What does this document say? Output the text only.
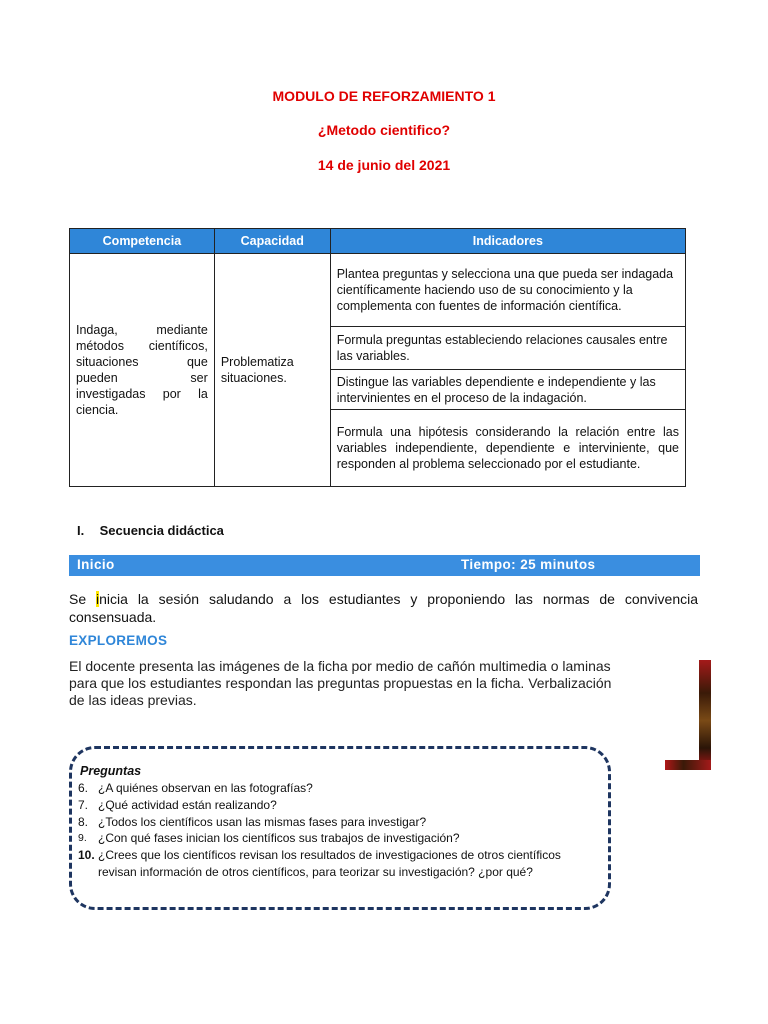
MODULO DE REFORZAMIENTO 1
¿Metodo cientifico?
14 de junio del 2021
Competencia	Capacidad	Indicadores
Indaga, mediante métodos científicos, situaciones que pueden ser investigadas por la ciencia.	Problematiza situaciones.	Plantea preguntas y selecciona una que pueda ser indagada científicamente haciendo uso de su conocimiento y la complementa con fuentes de información científica.
		Formula preguntas estableciendo relaciones causales entre las variables.
		Distingue las variables dependiente e independiente y las intervinientes en el proceso de la indagación.
		Formula una hipótesis considerando la relación entre las variables independiente, dependiente e interviniente, que responden al problema seleccionado por el estudiante.
I. Secuencia didáctica
Inicio	Tiempo: 25 minutos
Se inicia la sesión saludando a los estudiantes y proponiendo las normas de convivencia consensuada.
EXPLOREMOS
El docente presenta las imágenes de la ficha por medio de cañón multimedia o laminas para que los estudiantes respondan las preguntas propuestas en la ficha. Verbalización de las ideas previas.
Preguntas
6. ¿A quiénes observan en las fotografías?
7. ¿Qué actividad están realizando?
8. ¿Todos los científicos usan las mismas fases para investigar?
9. ¿Con qué fases inician los científicos sus trabajos de investigación?
10. ¿Crees que los científicos revisan los resultados de investigaciones de otros científicos revisan información de otros científicos, para teorizar su investigación? ¿por qué?
